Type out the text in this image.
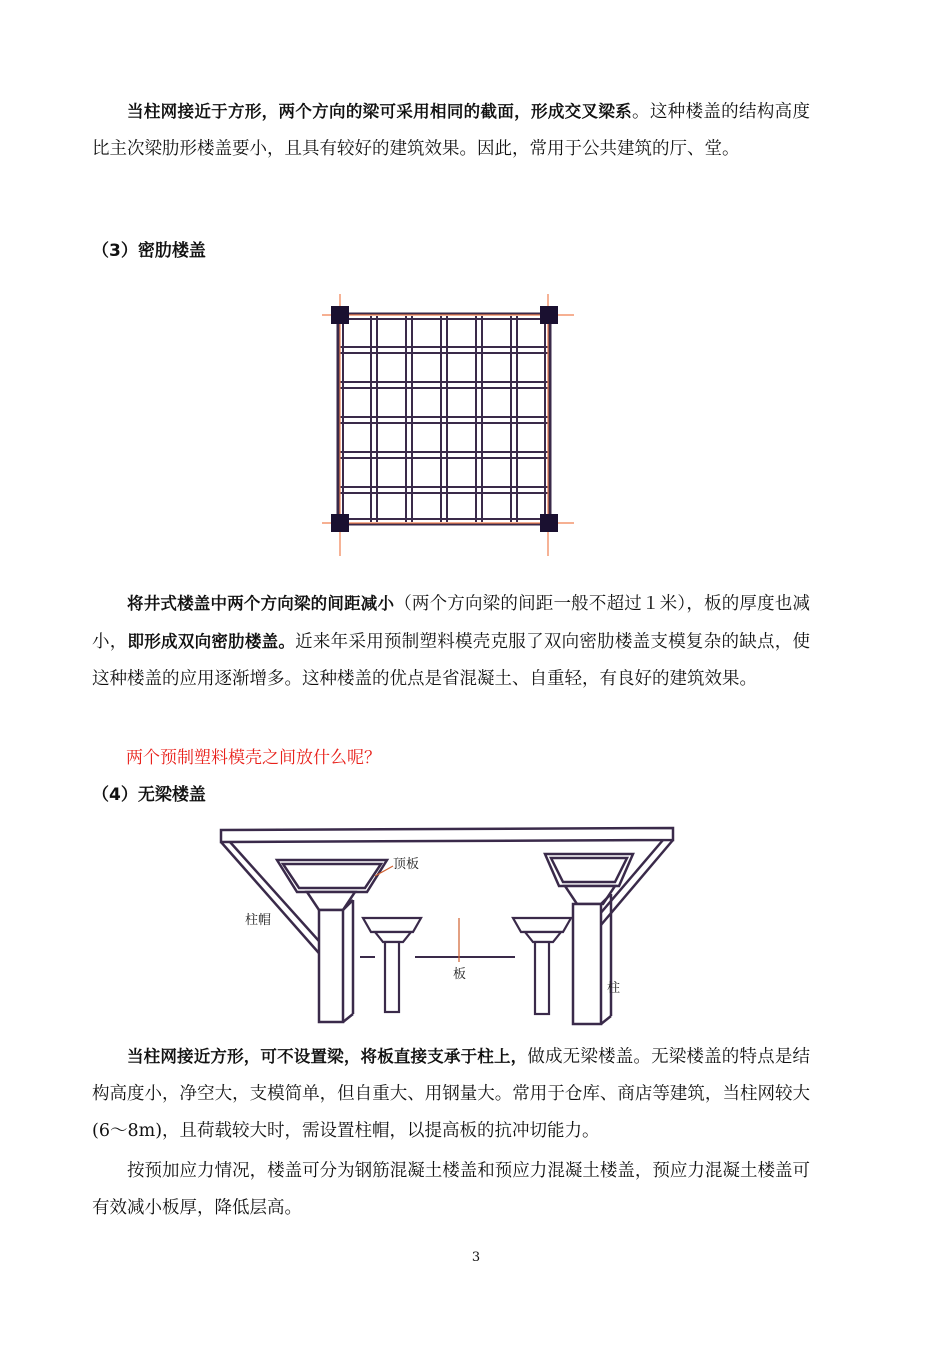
当柱网接近于方形，两个方向的梁可采用相同的截面，形成交叉梁系。这种楼盖的结构高度比主次梁肋形楼盖要小，且具有较好的建筑效果。因此，常用于公共建筑的厅、堂。

（3）密肋楼盖

将井式楼盖中两个方向梁的间距减小（两个方向梁的间距一般不超过１米），板的厚度也减小，即形成双向密肋楼盖。近来年采用预制塑料模壳克服了双向密肋楼盖支模复杂的缺点，使这种楼盖的应用逐渐增多。这种楼盖的优点是省混凝土、自重轻，有良好的建筑效果。

两个预制塑料模壳之间放什么呢？

（4）无梁楼盖

顶板
柱帽
板
柱

当柱网接近方形，可不设置梁，将板直接支承于柱上，做成无梁楼盖。无梁楼盖的特点是结构高度小，净空大，支模简单，但自重大、用钢量大。常用于仓库、商店等建筑，当柱网较大(6～8m)，且荷载较大时，需设置柱帽，以提高板的抗冲切能力。

按预加应力情况，楼盖可分为钢筋混凝土楼盖和预应力混凝土楼盖，预应力混凝土楼盖可有效减小板厚，降低层高。

3
